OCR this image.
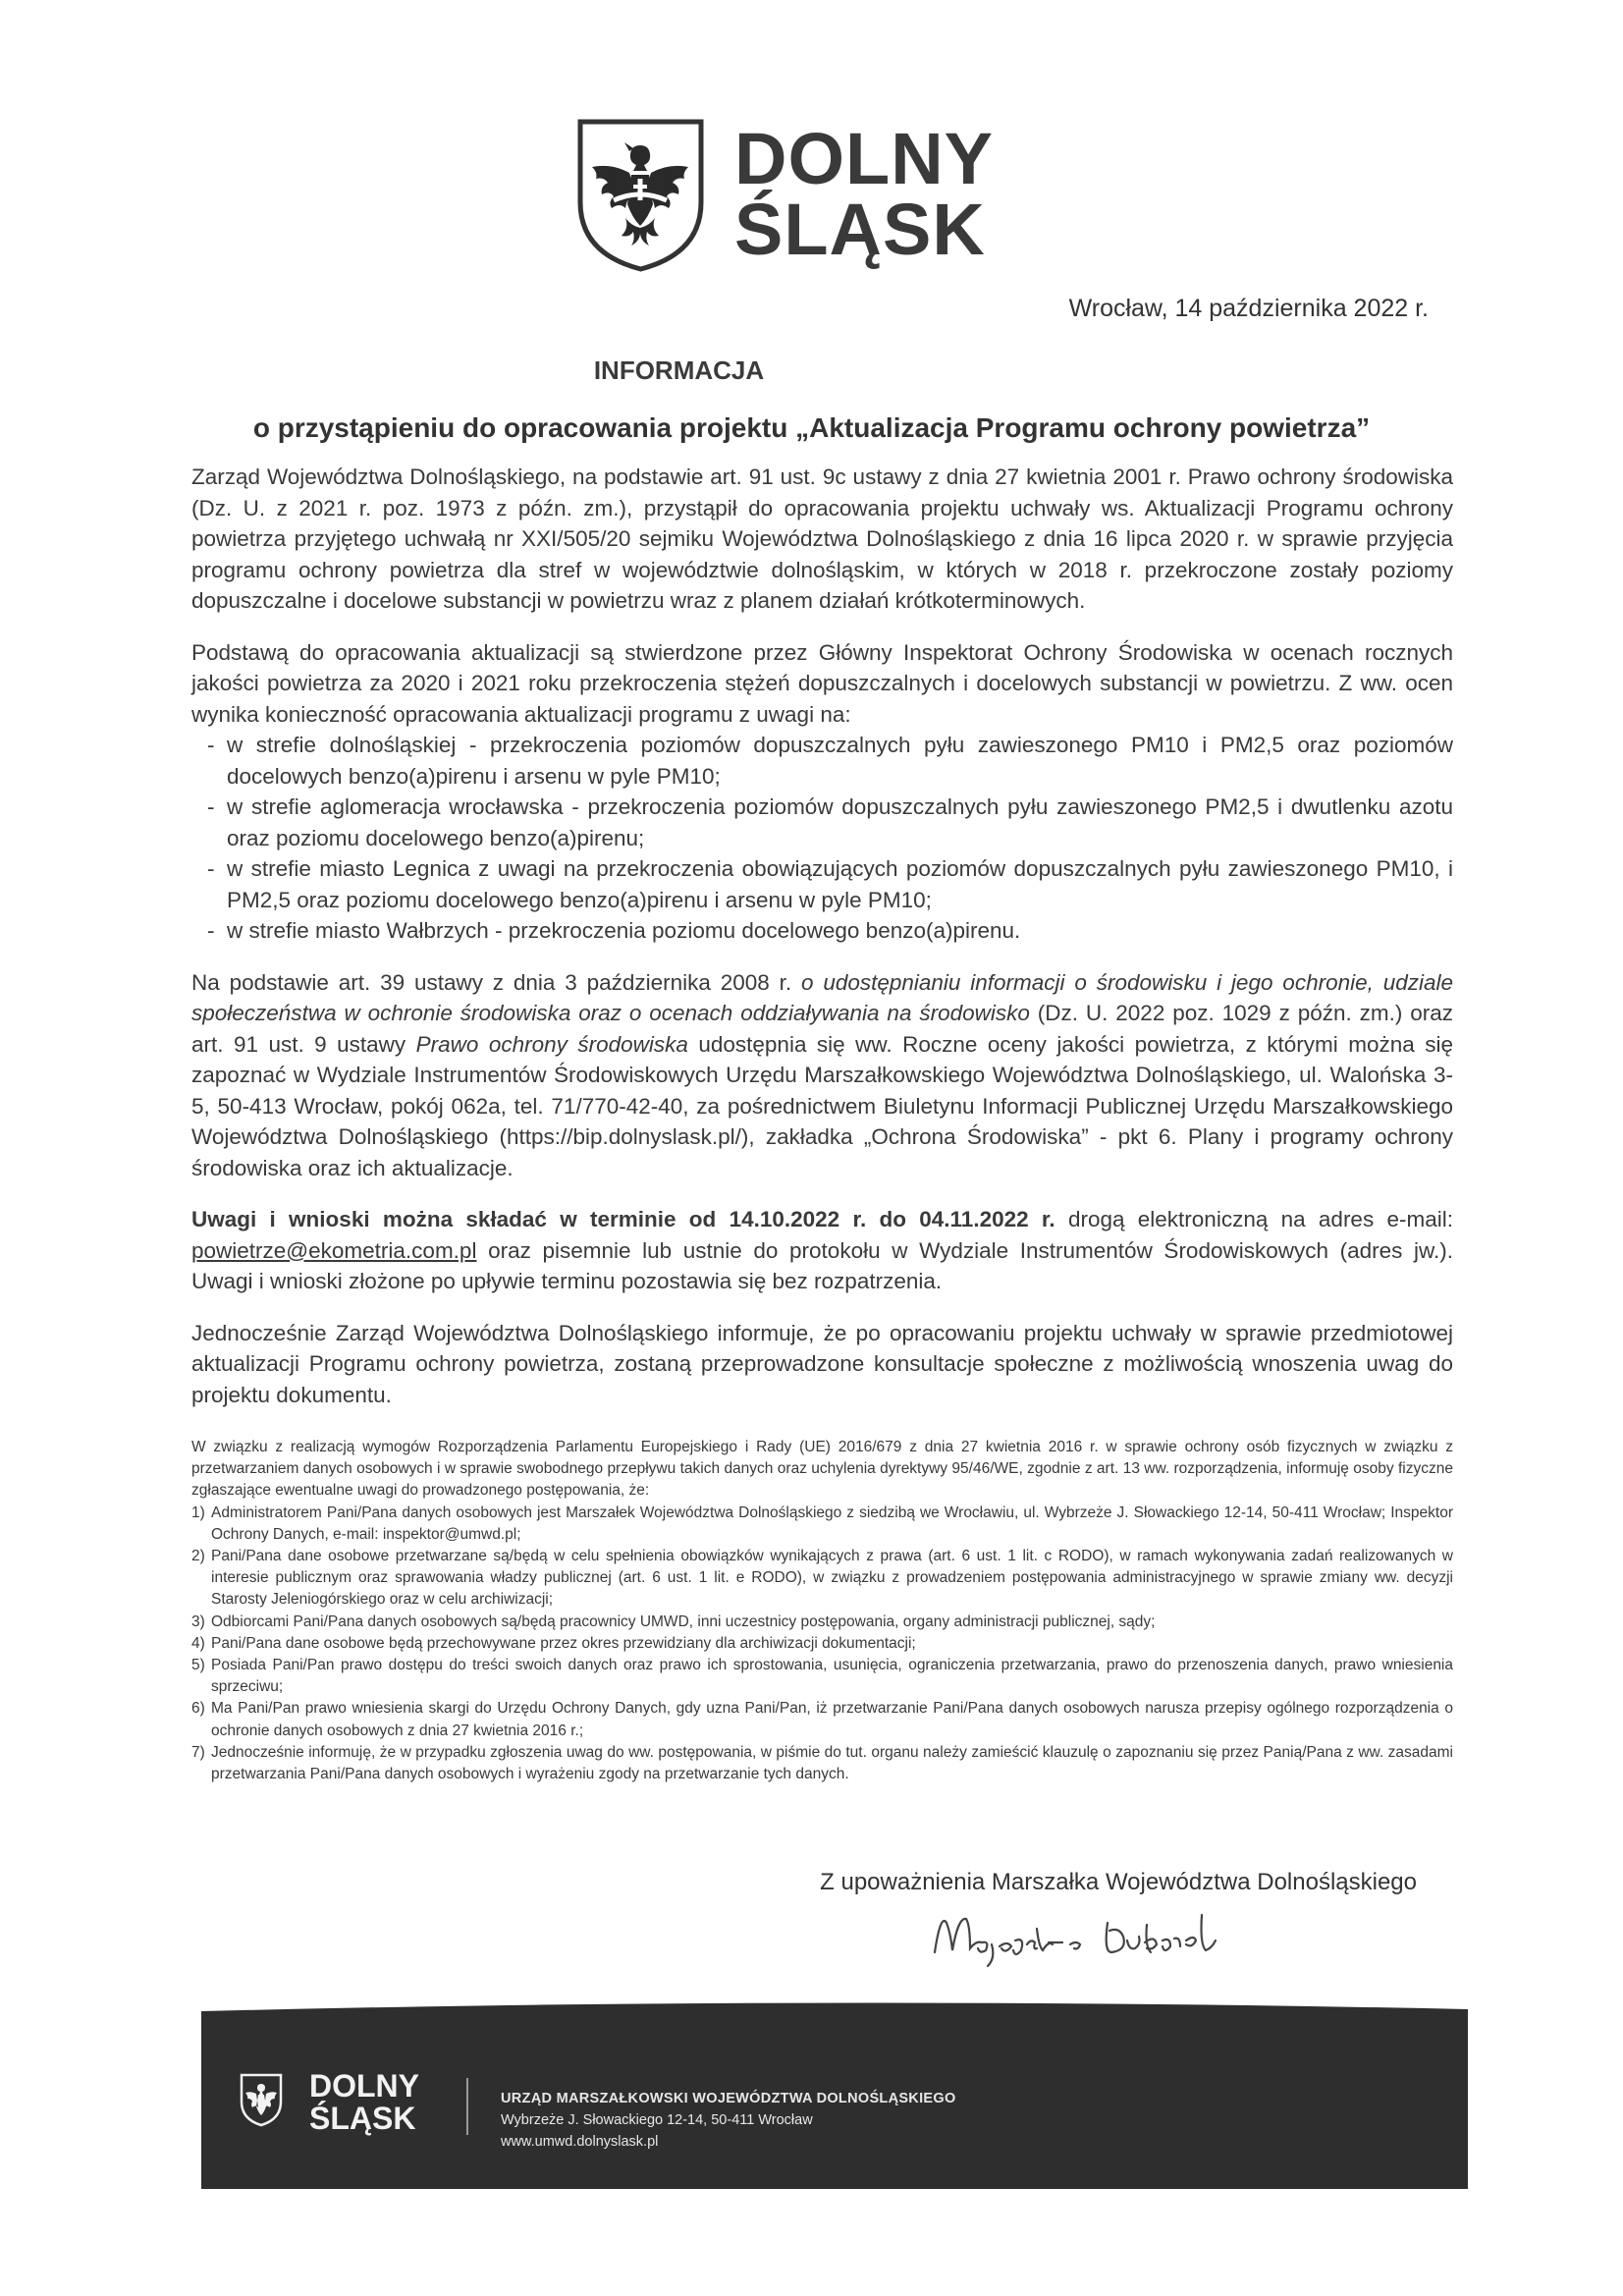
DOLNY
ŚLĄSK
Wrocław, 14 października 2022 r.
INFORMACJA
o przystąpieniu do opracowania projektu „Aktualizacja Programu ochrony powietrza”

Zarząd Województwa Dolnośląskiego, na podstawie art. 91 ust. 9c ustawy z dnia 27 kwietnia 2001 r. Prawo ochrony środowiska (Dz. U. z 2021 r. poz. 1973 z późn. zm.), przystąpił do opracowania projektu uchwały ws. Aktualizacji Programu ochrony powietrza przyjętego uchwałą nr XXI/505/20 sejmiku Województwa Dolnośląskiego z dnia 16 lipca 2020 r. w sprawie przyjęcia programu ochrony powietrza dla stref w województwie dolnośląskim, w których w 2018 r. przekroczone zostały poziomy dopuszczalne i docelowe substancji w powietrzu wraz z planem działań krótkoterminowych.

Podstawą do opracowania aktualizacji są stwierdzone przez Główny Inspektorat Ochrony Środowiska w ocenach rocznych jakości powietrza za 2020 i 2021 roku przekroczenia stężeń dopuszczalnych i docelowych substancji w powietrzu. Z ww. ocen wynika konieczność opracowania aktualizacji programu z uwagi na:

- w strefie dolnośląskiej - przekroczenia poziomów dopuszczalnych pyłu zawieszonego PM10 i PM2,5 oraz poziomów docelowych benzo(a)pirenu i arsenu w pyle PM10;
- w strefie aglomeracja wrocławska - przekroczenia poziomów dopuszczalnych pyłu zawieszonego PM2,5 i dwutlenku azotu oraz poziomu docelowego benzo(a)pirenu;
- w strefie miasto Legnica z uwagi na przekroczenia obowiązujących poziomów dopuszczalnych pyłu zawieszonego PM10, i PM2,5 oraz poziomu docelowego benzo(a)pirenu i arsenu w pyle PM10;
- w strefie miasto Wałbrzych - przekroczenia poziomu docelowego benzo(a)pirenu.

Na podstawie art. 39 ustawy z dnia 3 października 2008 r. o udostępnianiu informacji o środowisku i jego ochronie, udziale społeczeństwa w ochronie środowiska oraz o ocenach oddziaływania na środowisko (Dz. U. 2022 poz. 1029 z późn. zm.) oraz art. 91 ust. 9 ustawy Prawo ochrony środowiska udostępnia się ww. Roczne oceny jakości powietrza, z którymi można się zapoznać w Wydziale Instrumentów Środowiskowych Urzędu Marszałkowskiego Województwa Dolnośląskiego, ul. Walońska 3-5, 50-413 Wrocław, pokój 062a, tel. 71/770-42-40, za pośrednictwem Biuletynu Informacji Publicznej Urzędu Marszałkowskiego Województwa Dolnośląskiego (https://bip.dolnyslask.pl/), zakładka „Ochrona Środowiska” - pkt 6. Plany i programy ochrony środowiska oraz ich aktualizacje.

Uwagi i wnioski można składać w terminie od 14.10.2022 r. do 04.11.2022 r. drogą elektroniczną na adres e-mail: powietrze@ekometria.com.pl oraz pisemnie lub ustnie do protokołu w Wydziale Instrumentów Środowiskowych (adres jw.). Uwagi i wnioski złożone po upływie terminu pozostawia się bez rozpatrzenia.

Jednocześnie Zarząd Województwa Dolnośląskiego informuje, że po opracowaniu projektu uchwały w sprawie przedmiotowej aktualizacji Programu ochrony powietrza, zostaną przeprowadzone konsultacje społeczne z możliwością wnoszenia uwag do projektu dokumentu.

W związku z realizacją wymogów Rozporządzenia Parlamentu Europejskiego i Rady (UE) 2016/679 z dnia 27 kwietnia 2016 r. w sprawie ochrony osób fizycznych w związku z przetwarzaniem danych osobowych i w sprawie swobodnego przepływu takich danych oraz uchylenia dyrektywy 95/46/WE, zgodnie z art. 13 ww. rozporządzenia, informuję osoby fizyczne zgłaszające ewentualne uwagi do prowadzonego postępowania, że:

1) Administratorem Pani/Pana danych osobowych jest Marszałek Województwa Dolnośląskiego z siedzibą we Wrocławiu, ul. Wybrzeże J. Słowackiego 12-14, 50-411 Wrocław; Inspektor Ochrony Danych, e-mail: inspektor@umwd.pl;
2) Pani/Pana dane osobowe przetwarzane są/będą w celu spełnienia obowiązków wynikających z prawa (art. 6 ust. 1 lit. c RODO), w ramach wykonywania zadań realizowanych w interesie publicznym oraz sprawowania władzy publicznej (art. 6 ust. 1 lit. e RODO), w związku z prowadzeniem postępowania administracyjnego w sprawie zmiany ww. decyzji Starosty Jeleniogórskiego oraz w celu archiwizacji;
3) Odbiorcami Pani/Pana danych osobowych są/będą pracownicy UMWD, inni uczestnicy postępowania, organy administracji publicznej, sądy;
4) Pani/Pana dane osobowe będą przechowywane przez okres przewidziany dla archiwizacji dokumentacji;
5) Posiada Pani/Pan prawo dostępu do treści swoich danych oraz prawo ich sprostowania, usunięcia, ograniczenia przetwarzania, prawo do przenoszenia danych, prawo wniesienia sprzeciwu;
6) Ma Pani/Pan prawo wniesienia skargi do Urzędu Ochrony Danych, gdy uzna Pani/Pan, iż przetwarzanie Pani/Pana danych osobowych narusza przepisy ogólnego rozporządzenia o ochronie danych osobowych z dnia 27 kwietnia 2016 r.;
7) Jednocześnie informuję, że w przypadku zgłoszenia uwag do ww. postępowania, w piśmie do tut. organu należy zamieścić klauzulę o zapoznaniu się przez Panią/Pana z ww. zasadami przetwarzania Pani/Pana danych osobowych i wyrażeniu zgody na przetwarzanie tych danych.
Z upoważnienia Marszałka Województwa Dolnośląskiego
DOLNY
ŚLĄSK
URZĄD MARSZAŁKOWSKI WOJEWÓDZTWA DOLNOŚLĄSKIEGO
Wybrzeże J. Słowackiego 12-14, 50-411 Wrocław
www.umwd.dolnyslask.pl
